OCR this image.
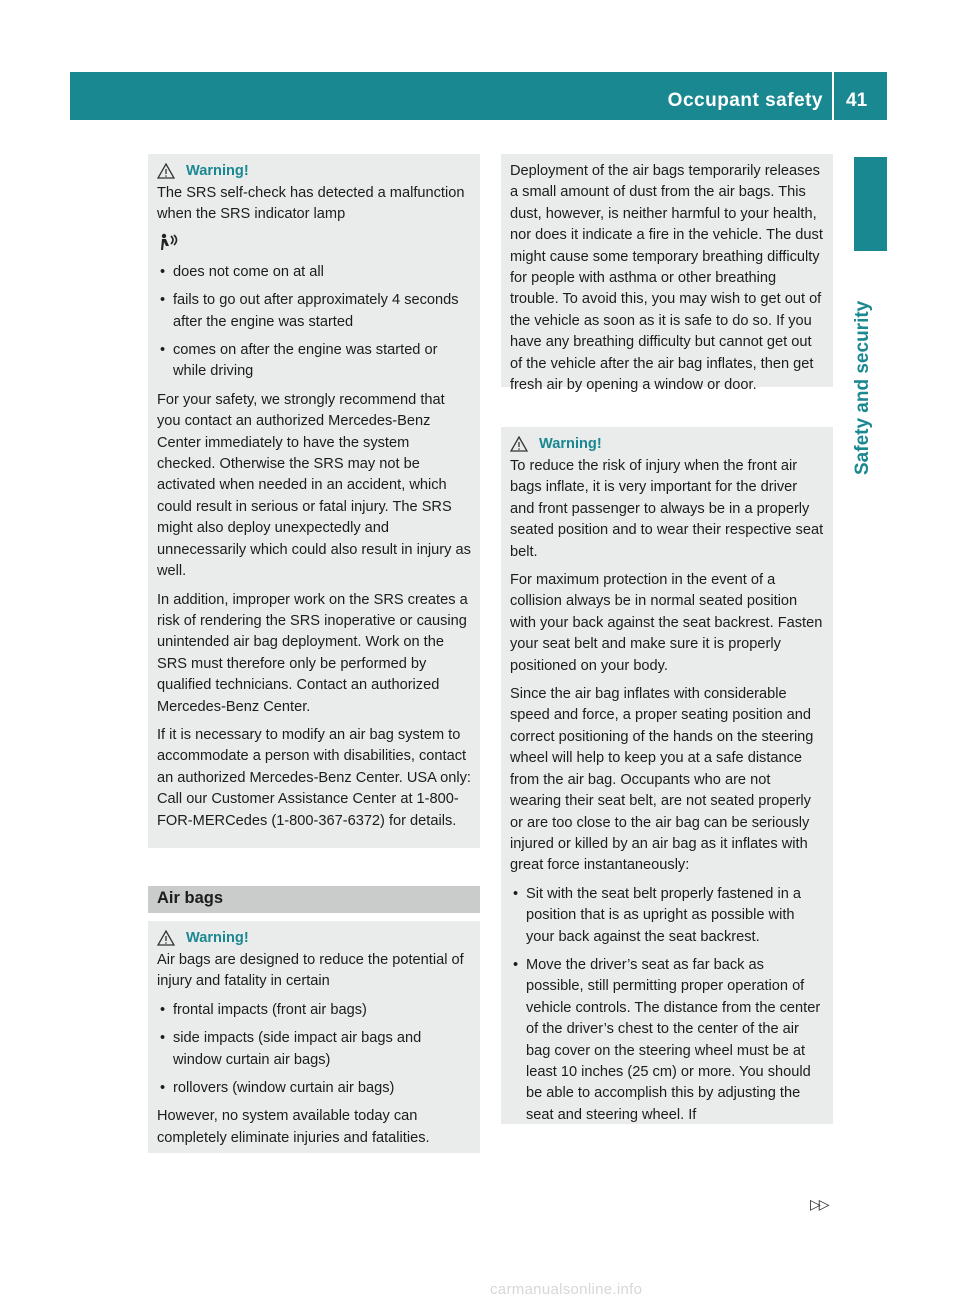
Occupant safety 41
Safety and security
Warning!

The SRS self-check has detected a malfunction when the SRS indicator lamp

• does not come on at all
• fails to go out after approximately 4 seconds after the engine was started
• comes on after the engine was started or while driving

For your safety, we strongly recommend that you contact an authorized Mercedes-Benz Center immediately to have the system checked. Otherwise the SRS may not be activated when needed in an accident, which could result in serious or fatal injury. The SRS might also deploy unexpectedly and unnecessarily which could also result in injury as well.

In addition, improper work on the SRS creates a risk of rendering the SRS inoperative or causing unintended air bag deployment. Work on the SRS must therefore only be performed by qualified technicians. Contact an authorized Mercedes-Benz Center.

If it is necessary to modify an air bag system to accommodate a person with disabilities, contact an authorized Mercedes-Benz Center. USA only: Call our Customer Assistance Center at 1-800-FOR-MERCedes (1-800-367-6372) for details.

Air bags
Warning!

Air bags are designed to reduce the potential of injury and fatality in certain

• frontal impacts (front air bags)
• side impacts (side impact air bags and window curtain air bags)
• rollovers (window curtain air bags)

However, no system available today can completely eliminate injuries and fatalities.

Deployment of the air bags temporarily releases a small amount of dust from the air bags. This dust, however, is neither harmful to your health, nor does it indicate a fire in the vehicle. The dust might cause some temporary breathing difficulty for people with asthma or other breathing trouble. To avoid this, you may wish to get out of the vehicle as soon as it is safe to do so. If you have any breathing difficulty but cannot get out of the vehicle after the air bag inflates, then get fresh air by opening a window or door.

Warning!

To reduce the risk of injury when the front air bags inflate, it is very important for the driver and front passenger to always be in a properly seated position and to wear their respective seat belt.

For maximum protection in the event of a collision always be in normal seated position with your back against the seat backrest. Fasten your seat belt and make sure it is properly positioned on your body.

Since the air bag inflates with considerable speed and force, a proper seating position and correct positioning of the hands on the steering wheel will help to keep you at a safe distance from the air bag. Occupants who are not wearing their seat belt, are not seated properly or are too close to the air bag can be seriously injured or killed by an air bag as it inflates with great force instantaneously:

• Sit with the seat belt properly fastened in a position that is as upright as possible with your back against the seat backrest.
• Move the driver’s seat as far back as possible, still permitting proper operation of vehicle controls. The distance from the center of the driver’s chest to the center of the air bag cover on the steering wheel must be at least 10 inches (25 cm) or more. You should be able to accomplish this by adjusting the seat and steering wheel. If
▷▷
carmanualsonline.info
